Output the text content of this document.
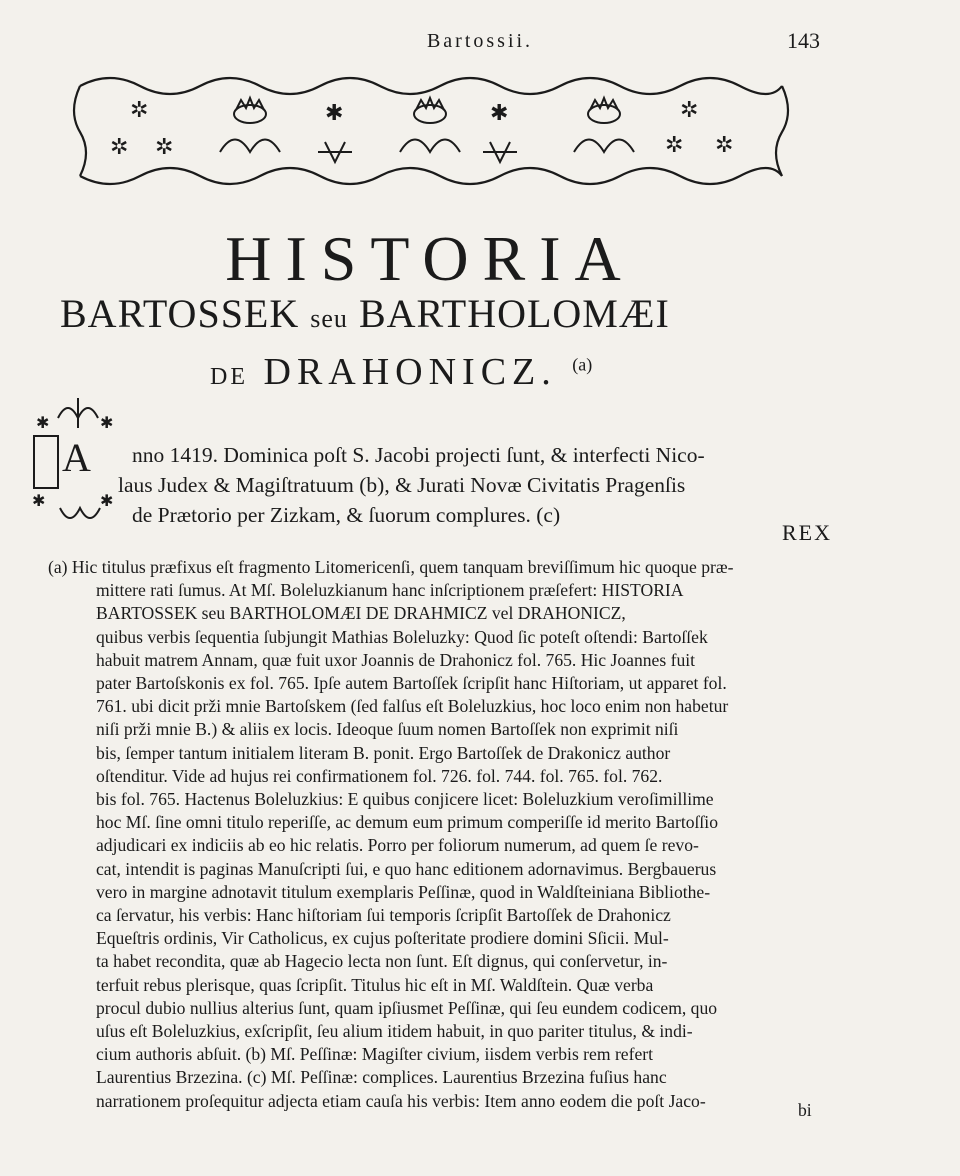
Bartossii.	143
✲
✲ ✲
✱	✱	✲
✲ ✲
HISTORIA
BARTOSSEK seu BARTHOLOMÆI
DE DRAHONICZ. $^{(a)}$
✱	✱
✱	✱
A	nno 1419. Dominica poſt S. Jacobi projecti ſunt, & interfecti Nico-

laus Judex & Magiſtratuum (b), & Jurati Novæ Civitatis Pragenſis

de Prætorio per Zizkam, & ſuorum complures. (c)

REX

(a) Hic titulus præfixus eſt fragmento Litomericenſi, quem tanquam breviſſimum hic quoque præ-

mittere rati ſumus. At Mſ. Boleluzkianum hanc inſcriptionem præſefert: HISTORIA

BARTOSSEK seu BARTHOLOMÆI DE DRAHMICZ vel DRAHONICZ,

quibus verbis ſequentia ſubjungit Mathias Boleluzky: Quod ſic poteſt oſtendi: Bartoſſek

habuit matrem Annam, quæ fuit uxor Joannis de Drahonicz fol. 765. Hic Joannes fuit

pater Bartoſskonis ex fol. 765. Ipſe autem Bartoſſek ſcripſit hanc Hiſtoriam, ut apparet fol.

761. ubi dicit prži mnie Bartoſskem (ſed falſus eſt Boleluzkius, hoc loco enim non habetur

niſi prži mnie B.) & aliis ex locis. Ideoque ſuum nomen Bartoſſek non exprimit niſi

bis, ſemper tantum initialem literam B. ponit. Ergo Bartoſſek de Drakonicz author

oſtenditur. Vide ad hujus rei confirmationem fol. 726. fol. 744. fol. 765. fol. 762.

bis fol. 765. Hactenus Boleluzkius: E quibus conjicere licet: Boleluzkium veroſimillime

hoc Mſ. ſine omni titulo reperiſſe, ac demum eum primum comperiſſe id merito Bartoſſio

adjudicari ex indiciis ab eo hic relatis. Porro per foliorum numerum, ad quem ſe revo-

cat, intendit is paginas Manuſcripti ſui, e quo hanc editionem adornavimus. Bergbauerus

vero in margine adnotavit titulum exemplaris Peſſinæ, quod in Waldſteiniana Bibliothe-

ca ſervatur, his verbis: Hanc hiſtoriam ſui temporis ſcripſit Bartoſſek de Drahonicz

Equeſtris ordinis, Vir Catholicus, ex cujus poſteritate prodiere domini Sſicii. Mul-

ta habet recondita, quæ ab Hagecio lecta non ſunt. Eſt dignus, qui conſervetur, in-

terfuit rebus plerisque, quas ſcripſit. Titulus hic eſt in Mſ. Waldſtein. Quæ verba

procul dubio nullius alterius ſunt, quam ipſiusmet Peſſinæ, qui ſeu eundem codicem, quo

uſus eſt Boleluzkius, exſcripſit, ſeu alium itidem habuit, in quo pariter titulus, & indi-

cium authoris abſuit. (b) Mſ. Peſſinæ: Magiſter civium, iisdem verbis rem refert

Laurentius Brzezina. (c) Mſ. Peſſinæ: complices. Laurentius Brzezina fuſius hanc

narrationem proſequitur adjecta etiam cauſa his verbis: Item anno eodem die poſt Jaco-	bi
